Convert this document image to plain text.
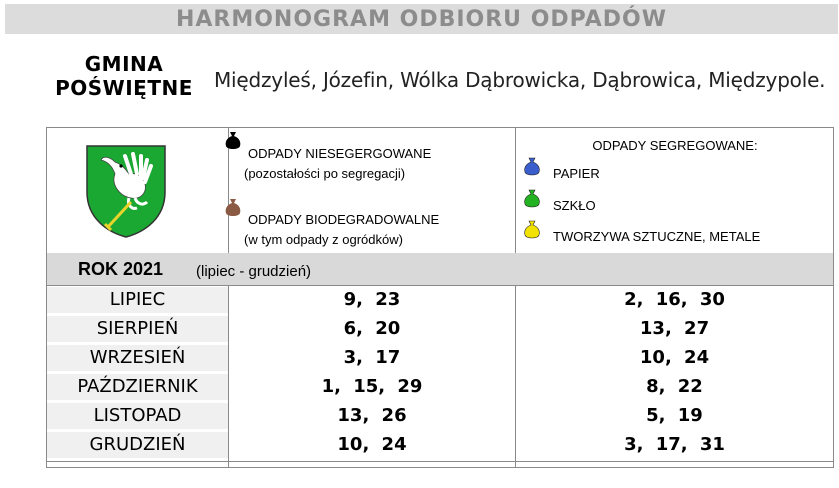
HARMONOGRAM ODBIORU ODPADÓW
GMINA
POŚWIĘTNE	Międzyleś, Józefin, Wólka Dąbrowicka, Dąbrowica, Międzypole.
ODPADY NIESEGERGOWANE
(pozostałości po segregacji)
ODPADY BIODEGRADOWALNE
(w tym odpady z ogródków)
ODPADY SEGREGOWANE:
PAPIER
SZKŁO
TWORZYWA SZTUCZNE, METALE
ROK 2021 (lipiec - grudzień)
LIPIEC	9, 23	2, 16, 30
SIERPIEŃ	6, 20	13, 27
WRZESIEŃ	3, 17	10, 24
PAŹDZIERNIK	1, 15, 29	8, 22
LISTOPAD	13, 26	5, 19
GRUDZIEŃ	10, 24	3, 17, 31
